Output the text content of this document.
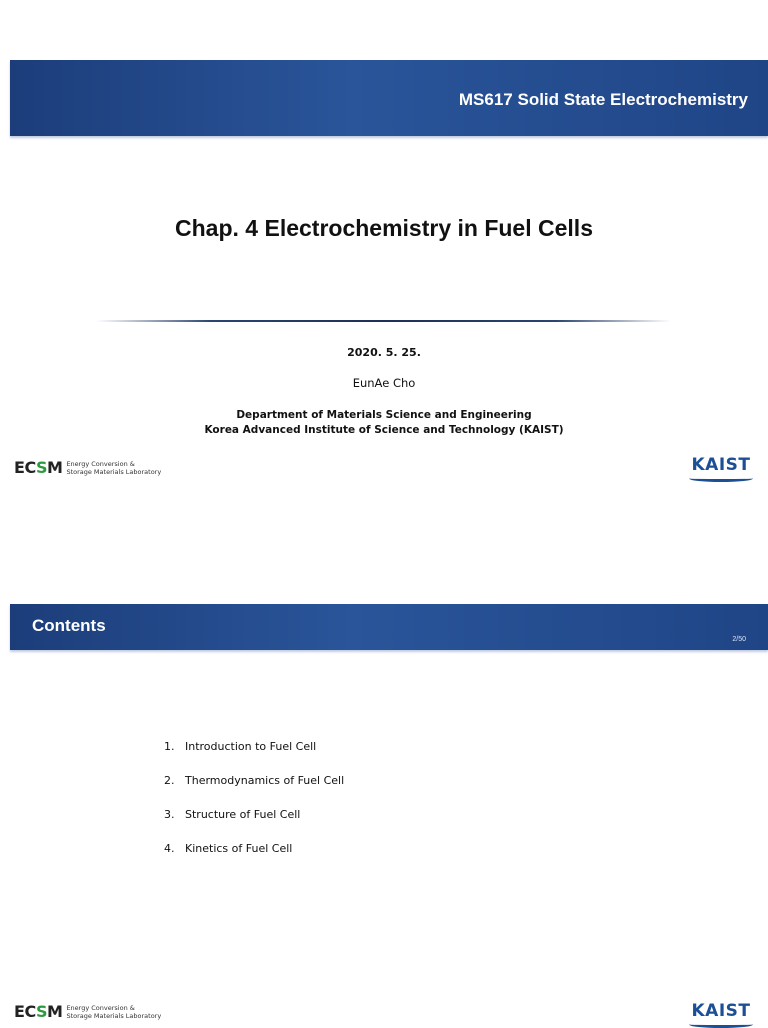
MS617 Solid State Electrochemistry
Chap. 4 Electrochemistry in Fuel Cells
2020. 5. 25.
EunAe Cho
Department of Materials Science and Engineering
Korea Advanced Institute of Science and Technology (KAIST)
ECSM Energy Conversion &
Storage Materials Laboratory	KAIST
Contents
2/50
1. Introduction to Fuel Cell
2. Thermodynamics of Fuel Cell
3. Structure of Fuel Cell
4. Kinetics of Fuel Cell
ECSM Energy Conversion &
Storage Materials Laboratory	KAIST
